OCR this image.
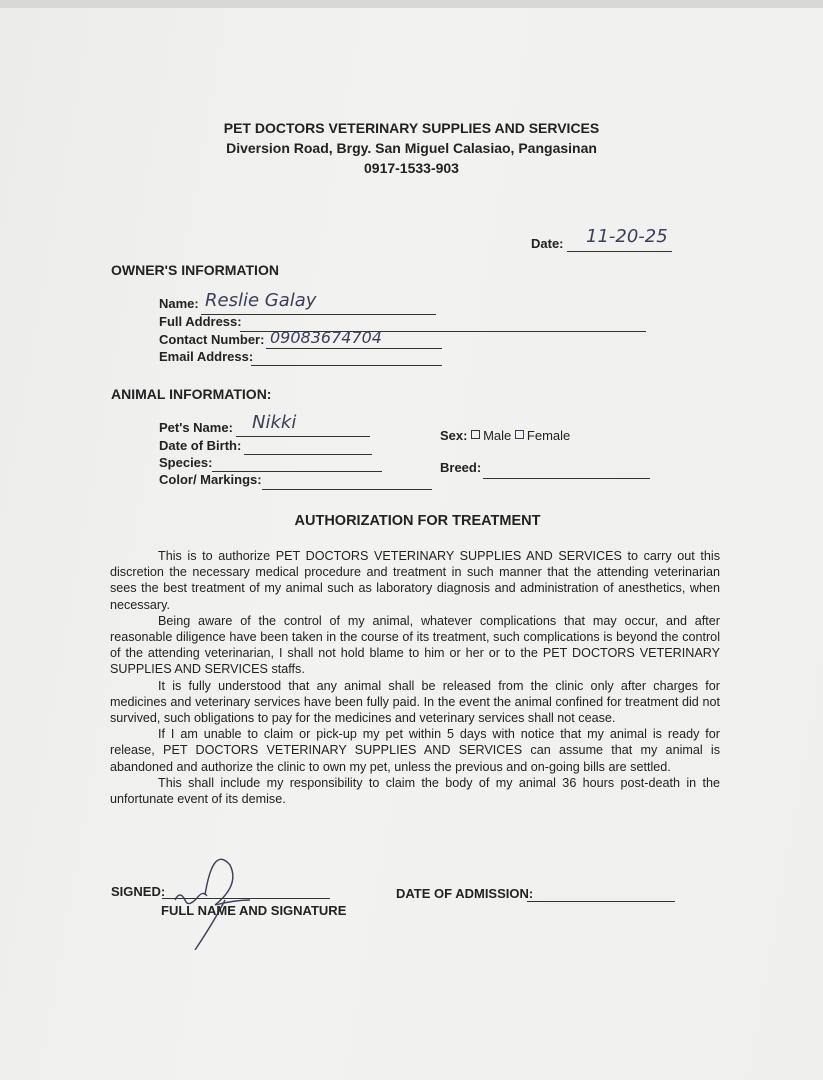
PET DOCTORS VETERINARY SUPPLIES AND SERVICES
Diversion Road, Brgy. San Miguel Calasiao, Pangasinan
0917-1533-903
Date: 11-20-25
OWNER'S INFORMATION
Name: Reslie Galay
Full Address:
Contact Number: 09083674704
Email Address:
ANIMAL INFORMATION:
Pet's Name: Nikki
Date of Birth:
Species:
Color/ Markings:
Sex: Male Female
Breed:
AUTHORIZATION FOR TREATMENT

This is to authorize PET DOCTORS VETERINARY SUPPLIES AND SERVICES to carry out this discretion the necessary medical procedure and treatment in such manner that the attending veterinarian sees the best treatment of my animal such as laboratory diagnosis and administration of anesthetics, when necessary.

Being aware of the control of my animal, whatever complications that may occur, and after reasonable diligence have been taken in the course of its treatment, such complications is beyond the control of the attending veterinarian, I shall not hold blame to him or her or to the PET DOCTORS VETERINARY SUPPLIES AND SERVICES staffs.

It is fully understood that any animal shall be released from the clinic only after charges for medicines and veterinary services have been fully paid. In the event the animal confined for treatment did not survived, such obligations to pay for the medicines and veterinary services shall not cease.

If I am unable to claim or pick-up my pet within 5 days with notice that my animal is ready for release, PET DOCTORS VETERINARY SUPPLIES AND SERVICES can assume that my animal is abandoned and authorize the clinic to own my pet, unless the previous and on-going bills are settled.

This shall include my responsibility to claim the body of my animal 36 hours post-death in the unfortunate event of its demise.

SIGNED:
FULL NAME AND SIGNATURE
DATE OF ADMISSION:
